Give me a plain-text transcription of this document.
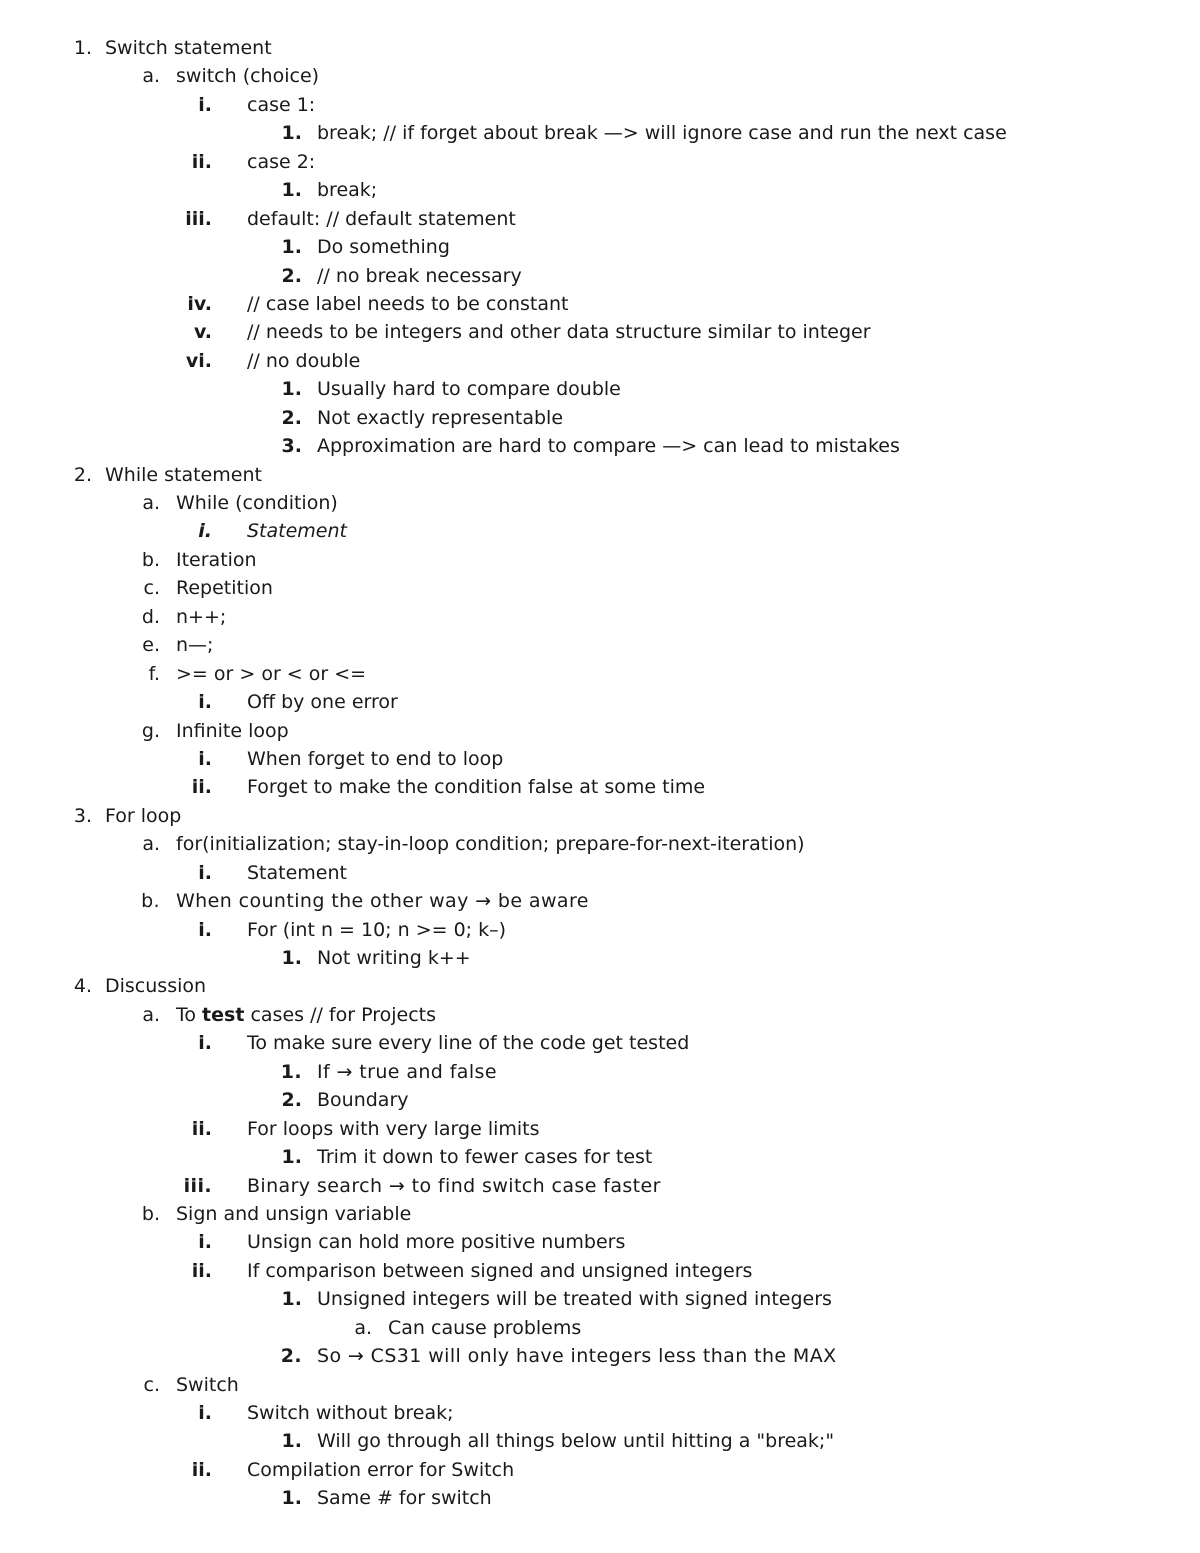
1. Switch statement
a. switch (choice)
i. case 1:
1. break; // if forget about break —> will ignore case and run the next case
ii. case 2:
1. break;
iii. default: // default statement
1. Do something
2. // no break necessary
iv. // case label needs to be constant
v. // needs to be integers and other data structure similar to integer
vi. // no double
1. Usually hard to compare double
2. Not exactly representable
3. Approximation are hard to compare —> can lead to mistakes
2. While statement
a. While (condition)
i. Statement
b. Iteration
c. Repetition
d. n++;
e. n—;
f. >= or > or < or <=
i. Off by one error
g. Infinite loop
i. When forget to end to loop
ii. Forget to make the condition false at some time
3. For loop
a. for(initialization; stay-in-loop condition; prepare-for-next-iteration)
i. Statement
b. When counting the other way → be aware
i. For (int n = 10; n >= 0; k–)
1. Not writing k++
4. Discussion
a. To test cases // for Projects
i. To make sure every line of the code get tested
1. If → true and false
2. Boundary
ii. For loops with very large limits
1. Trim it down to fewer cases for test
iii. Binary search → to find switch case faster
b. Sign and unsign variable
i. Unsign can hold more positive numbers
ii. If comparison between signed and unsigned integers
1. Unsigned integers will be treated with signed integers
a. Can cause problems
2. So → CS31 will only have integers less than the MAX
c. Switch
i. Switch without break;
1. Will go through all things below until hitting a "break;"
ii. Compilation error for Switch
1. Same # for switch
